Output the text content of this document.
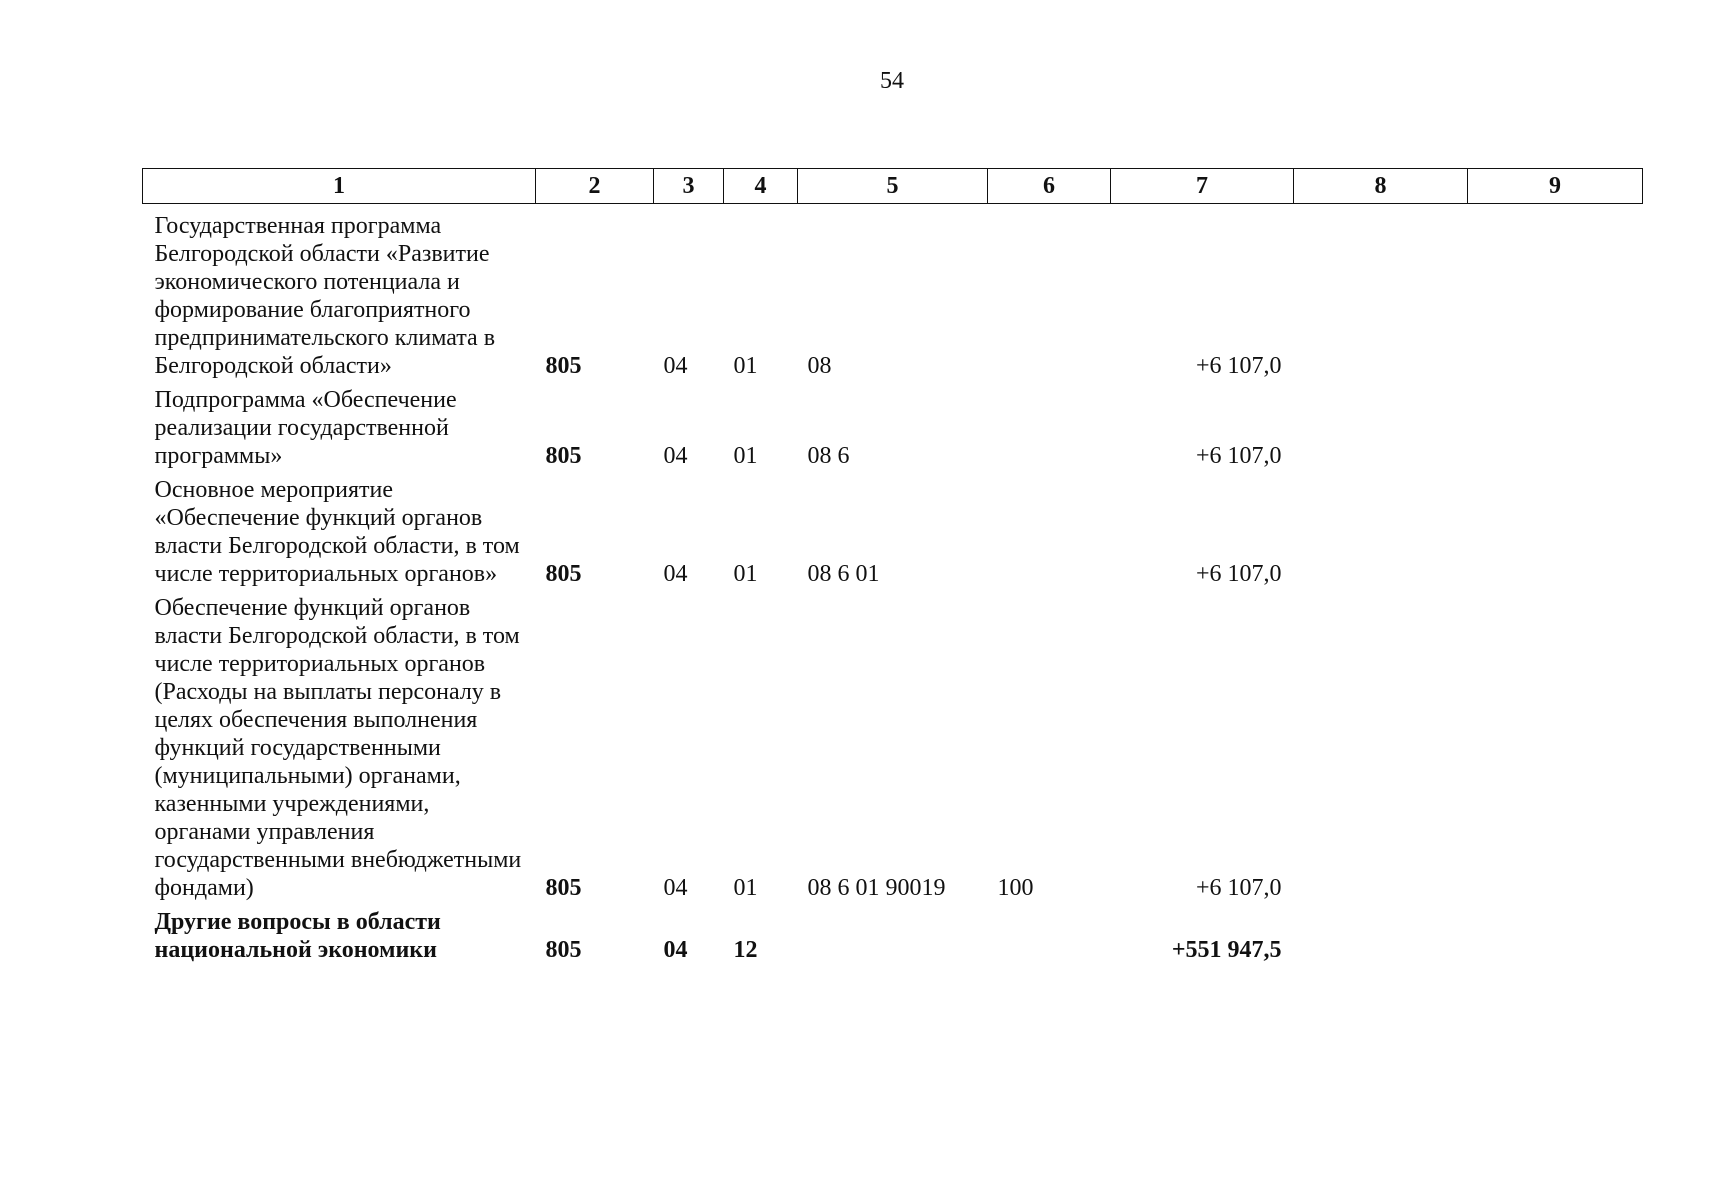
54
1	2	3	4	5	6	7	8	9
Государственная программа Белгородской области «Развитие экономического потенциала и формирование благоприятного предпринимательского климата в Белгородской области»	805	04	01	08		+6 107,0		
Подпрограмма «Обеспечение реализации государственной программы»	805	04	01	08 6		+6 107,0		
Основное мероприятие «Обеспечение функций органов власти Белгородской области, в том числе территориальных органов»	805	04	01	08 6 01		+6 107,0		
Обеспечение функций органов власти Белгородской области, в том числе территориальных органов (Расходы на выплаты персоналу в целях обеспечения выполнения функций государственными (муниципальными) органами, казенными учреждениями, органами управления государственными внебюджетными фондами)	805	04	01	08 6 01 90019	100	+6 107,0		
Другие вопросы в области национальной экономики	805	04	12			+551 947,5		
